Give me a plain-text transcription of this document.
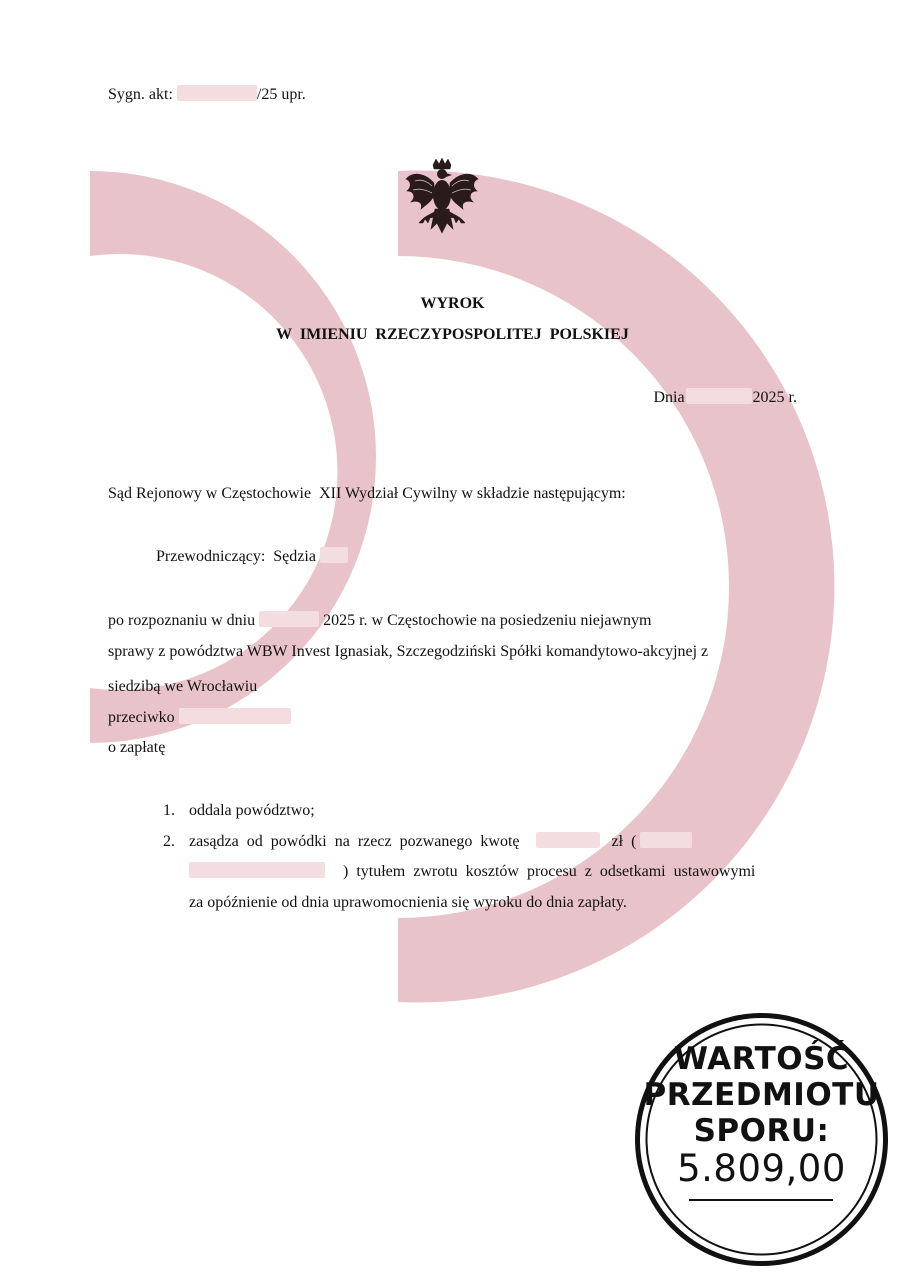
Sygn. akt:	/25 upr.
WYROK
W  IMIENIU  RZECZYPOSPOLITEJ  POLSKIEJ
Dnia	2025 r.
Sąd Rejonowy w Częstochowie  XII Wydział Cywilny w składzie następującym:
Przewodniczący:  Sędzia
po rozpoznaniu w dniu	2025 r. w Częstochowie na posiedzeniu niejawnym
sprawy z powództwa WBW Invest Ignasiak, Szczegodziński Spółki komandytowo-akcyjnej z
siedzibą we Wrocławiu
przeciwko
o zapłatę
1. oddala powództwo;
2. zasądza  od  powódki  na  rzecz  pozwanego  kwotę	zł  (
)  tytułem  zwrotu  kosztów  procesu  z  odsetkami  ustawowymi
za opóźnienie od dnia uprawomocnienia się wyroku do dnia zapłaty.
WARTOŚĆ
PRZEDMIOTU
SPORU:
5.809,00
